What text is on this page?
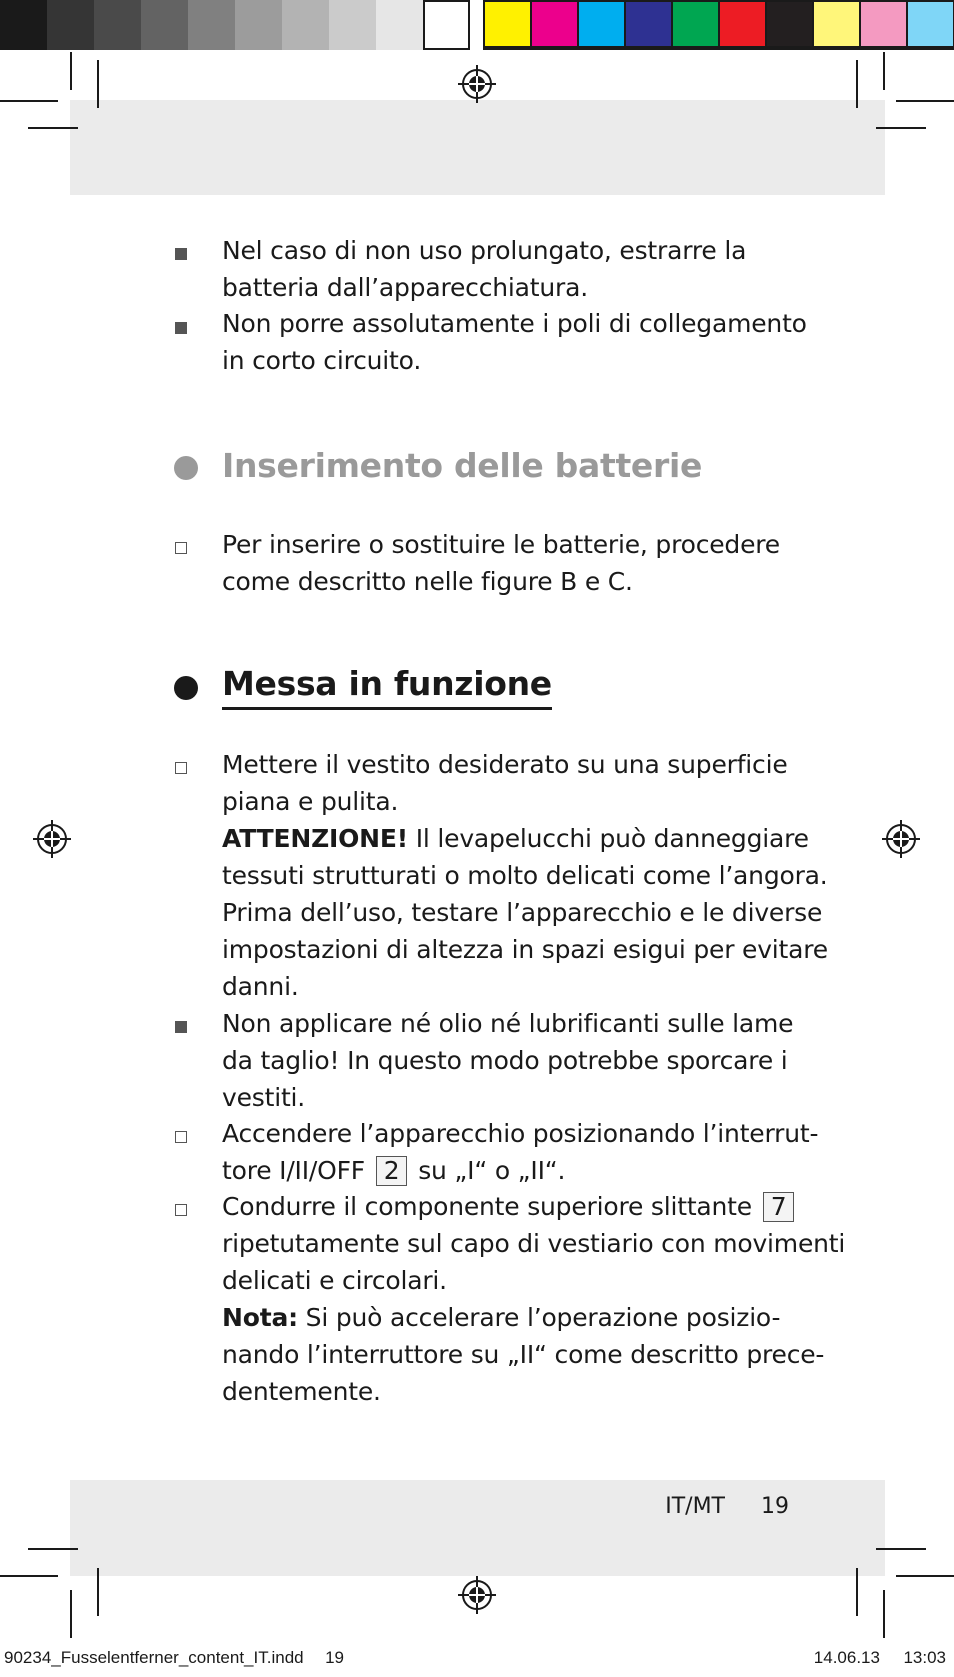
Nel caso di non uso prolungato, estrarre la
batteria dall’apparecchiatura.
Non porre assolutamente i poli di collegamento
in corto circuito.
Inserimento delle batterie
Per inserire o sostituire le batterie, procedere
come descritto nelle figure B e C.
Messa in funzione
Mettere il vestito desiderato su una superficie
piana e pulita.
ATTENZIONE! Il levapelucchi può danneggiare
tessuti strutturati o molto delicati come l’angora.
Prima dell’uso, testare l’apparecchio e le diverse
impostazioni di altezza in spazi esigui per evitare
danni.
Non applicare né olio né lubrificanti sulle lame
da taglio! In questo modo potrebbe sporcare i
vestiti.
Accendere l’apparecchio posizionando l’interrut-
tore I/II/OFF 2 su „I“ o „II“.
Condurre il componente superiore slittante 7
ripetutamente sul capo di vestiario con movimenti
delicati e circolari.
Nota: Si può accelerare l’operazione posizio-
nando l’interruttore su „II“ come descritto prece-
dentemente.
IT/MT 19
90234_Fusselentferner_content_IT.indd 19	14.06.13 13:03
